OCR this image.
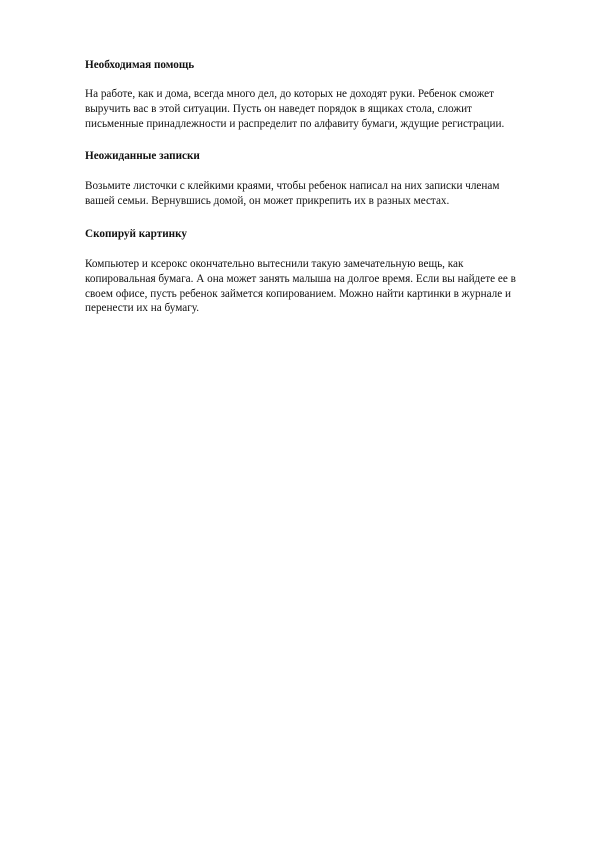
Необходимая помощь

На работе, как и дома, всегда много дел, до которых не доходят руки. Ребенок сможет
выручить вас в этой ситуации. Пусть он наведет порядок в ящиках стола, сложит
письменные принадлежности и распределит по алфавиту бумаги, ждущие регистрации.

Неожиданные записки

Возьмите листочки с клейкими краями, чтобы ребенок написал на них записки членам
вашей семьи. Вернувшись домой, он может прикрепить их в разных местах.

Скопируй картинку

Компьютер и ксерокс окончательно вытеснили такую замечательную вещь, как
копировальная бумага. А она может занять малыша на долгое время. Если вы найдете ее в
своем офисе, пусть ребенок займется копированием. Можно найти картинки в журнале и
перенести их на бумагу.
